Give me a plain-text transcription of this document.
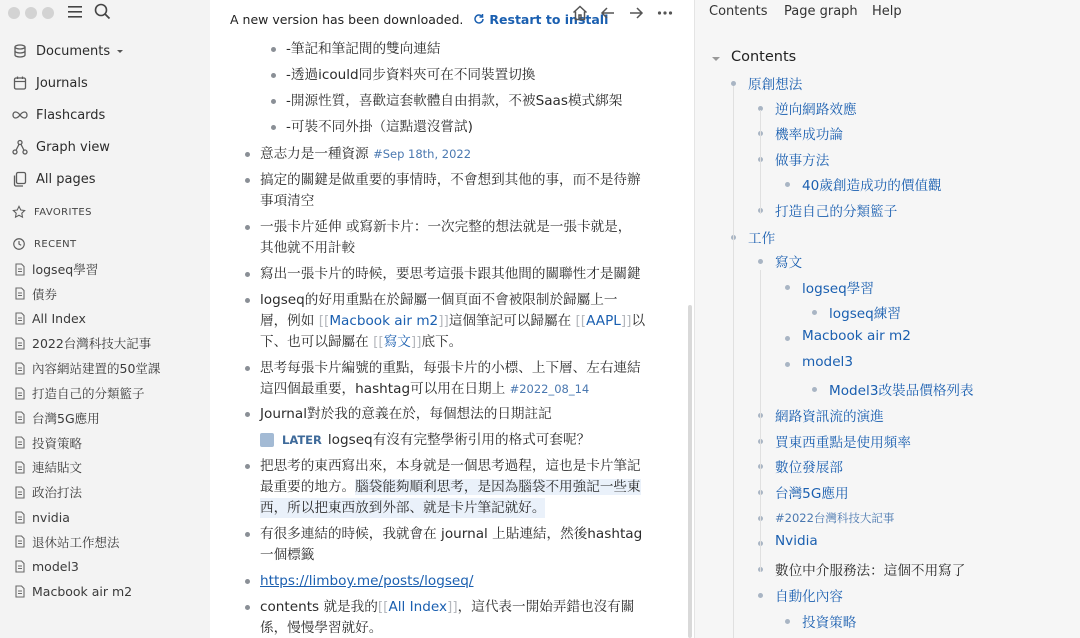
Documents
Journals
Flashcards
Graph view
All pages
FAVORITES
RECENT
logseq學習
債券
All Index
2022台灣科技大記事
內容網站建置的50堂課
打造自己的分類籃子
台灣5G應用
投資策略
連結貼文
政治打法
nvidia
退休站工作想法
model3
Macbook air m2
A new version has been downloaded. Restart to install
-筆記和筆記間的雙向連結
-透過icould同步資料夾可在不同裝置切換
-開源性質，喜歡這套軟體自由捐款，不被Saas模式綁架
-可裝不同外掛（這點還沒嘗試)
意志力是一種資源 #Sep 18th, 2022
搞定的關鍵是做重要的事情時，不會想到其他的事，而不是待辦
事項清空
一張卡片延伸 或寫新卡片：一次完整的想法就是一張卡就是，
其他就不用計較
寫出一張卡片的時候，要思考這張卡跟其他間的關聯性才是關鍵
logseq的好用重點在於歸屬一個頁面不會被限制於歸屬上一
層，例如 [[Macbook air m2]]這個筆記可以歸屬在 [[AAPL]]以
下、也可以歸屬在 [[寫文]]底下。
思考每張卡片編號的重點，每張卡片的小標、上下層、左右連結
這四個最重要，hashtag可以用在日期上 #2022_08_14
Journal對於我的意義在於，每個想法的日期註記
LATER logseq有沒有完整學術引用的格式可套呢？
把思考的東西寫出來，本身就是一個思考過程，這也是卡片筆記
最重要的地方。腦袋能夠順利思考，是因為腦袋不用強記一些東
西，所以把東西放到外部、就是卡片筆記就好。
有很多連結的時候，我就會在 journal 上貼連結，然後hashtag
一個標籤
https://limboy.me/posts/logseq/
contents 就是我的[[All Index]]，這代表一開始弄錯也沒有關
係，慢慢學習就好。
Contents Page graph Help
Contents
原創想法
逆向網路效應
機率成功論
做事方法
40歲創造成功的價值觀
打造自己的分類籃子
工作
寫文
logseq學習
logseq練習
Macbook air m2
model3
Model3改裝品價格列表
網路資訊流的演進
買東西重點是使用頻率
數位發展部
台灣5G應用
#2022台灣科技大記事
Nvidia
數位中介服務法：這個不用寫了
自動化內容
投資策略
